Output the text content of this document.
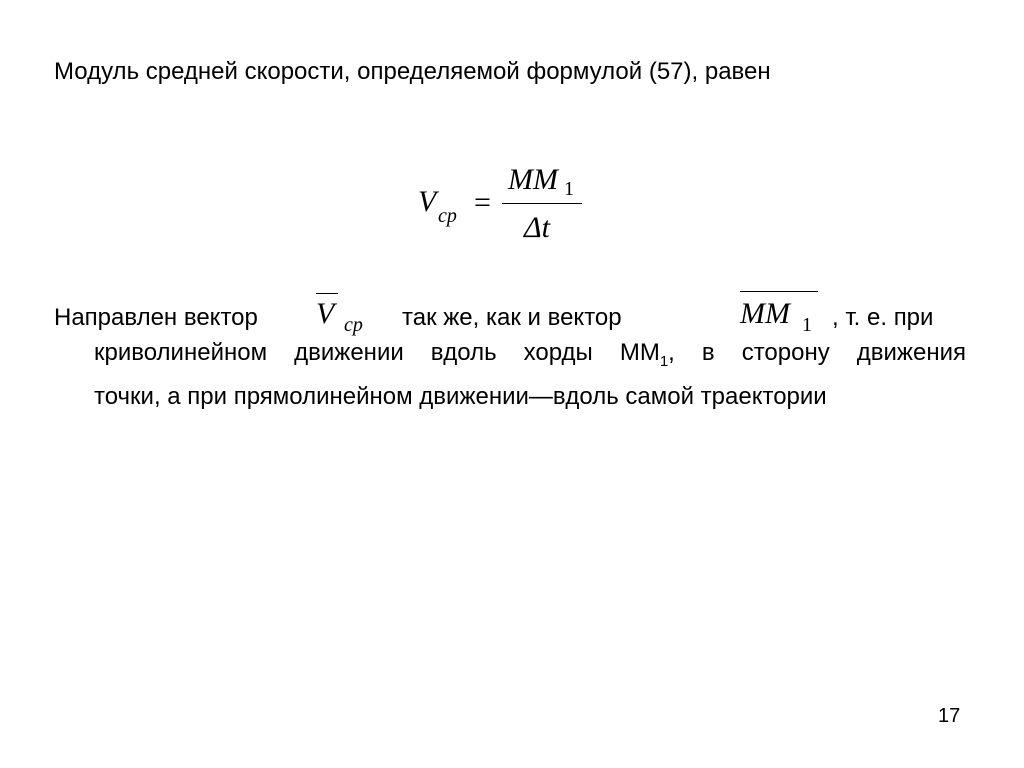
Модуль средней скорости, определяемой формулой (57), равен
V ср =
MM 1
Δt
Направлен вектор V ср так же, как и вектор	MM 1 , т. е. при
криволинейном движении вдоль хорды $ММ_1$, в сторону движения
точки, а при прямолинейном движении—вдоль самой траектории
17
